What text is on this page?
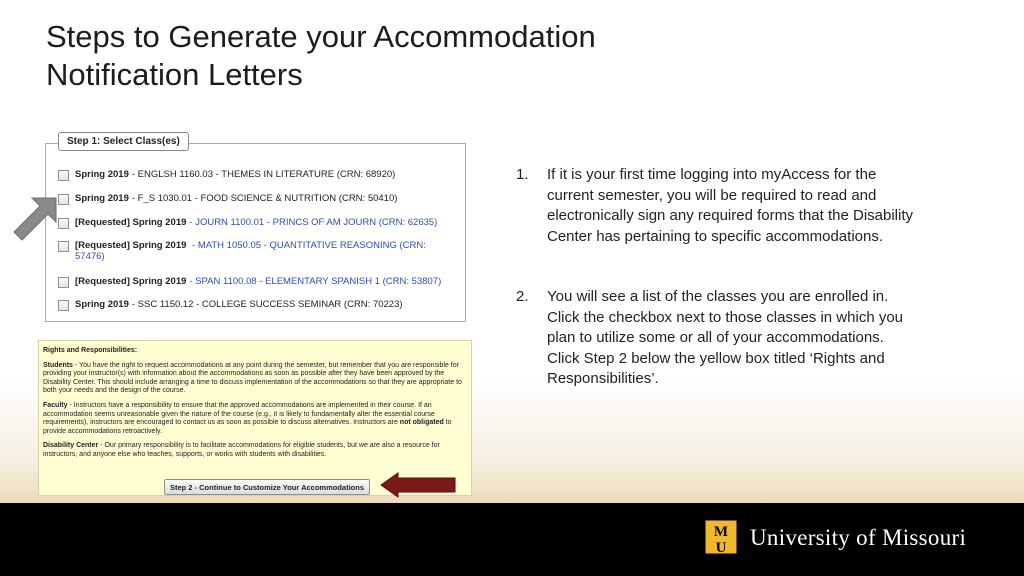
Steps to Generate your Accommodation
Notification Letters
Step 1: Select Class(es)
Spring 2019 - ENGLSH 1160.03 - THEMES IN LITERATURE (CRN: 68920)
Spring 2019 - F_S 1030.01 - FOOD SCIENCE & NUTRITION (CRN: 50410)
[Requested] Spring 2019 - JOURN 1100.01 - PRINCS OF AM JOURN (CRN: 62635)
[Requested] Spring 2019 - MATH 1050.05 - QUANTITATIVE REASONING (CRN:
57476)
[Requested] Spring 2019 - SPAN 1100.08 - ELEMENTARY SPANISH 1 (CRN: 53807)
Spring 2019 - SSC 1150.12 - COLLEGE SUCCESS SEMINAR (CRN: 70223)
Rights and Responsibilities:

Students - You have the right to request accommodations at any point during the semester, but remember that you are responsible for providing your instructor(s) with information about the accommodations as soon as possible after they have been approved by the Disability Center. This should include arranging a time to discuss implementation of the accommodations so that they are appropriate to both your needs and the design of the course.

Faculty - Instructors have a responsibility to ensure that the approved accommodations are implemented in their course. If an accommodation seems unreasonable given the nature of the course (e.g., it is likely to fundamentally alter the essential course requirements), instructors are encouraged to contact us as soon as possible to discuss alternatives. Instructors are not obligated to provide accommodations retroactively.

Disability Center - Our primary responsibility is to facilitate accommodations for eligible students, but we are also a resource for instructors, and anyone else who teaches, supports, or works with students with disabilities.

Step 2 - Continue to Customize Your Accommodations
1.	If it is your first time logging into myAccess for the current semester, you will be required to read and electronically sign any required forms that the Disability Center has pertaining to specific accommodations.
2.	You will see a list of the classes you are enrolled in. Click the checkbox next to those classes in which you plan to utilize some or all of your accommodations. Click Step 2 below the yellow box titled ‘Rights and Responsibilities’.
M
U University of Missouri
